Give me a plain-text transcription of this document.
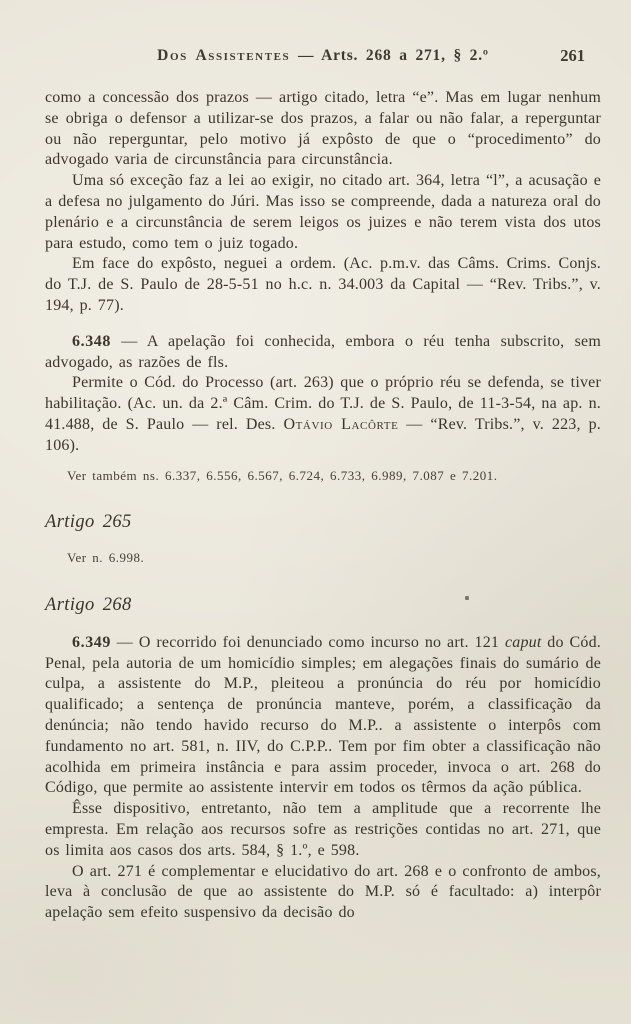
Dos Assistentes — Arts. 268 a 271, § 2.º	261

como a concessão dos prazos — artigo citado, letra “e”. Mas em lugar nenhum se obriga o defensor a utilizar-se dos prazos, a falar ou não falar, a reperguntar ou não reperguntar, pelo motivo já expôsto de que o “procedimento” do advogado varia de circunstância para circunstância.

Uma só exceção faz a lei ao exigir, no citado art. 364, letra “l”, a acusação e a defesa no julgamento do Júri. Mas isso se compreende, dada a natureza oral do plenário e a circunstância de serem leigos os juizes e não terem vista dos utos para estudo, como tem o juiz togado.

Em face do expôsto, neguei a ordem. (Ac. p.m.v. das Câms. Crims. Conjs. do T.J. de S. Paulo de 28-5-51 no h.c. n. 34.003 da Capital — “Rev. Tribs.”, v. 194, p. 77).

6.348 — A apelação foi conhecida, embora o réu tenha subscrito, sem advogado, as razões de fls.

Permite o Cód. do Processo (art. 263) que o próprio réu se defenda, se tiver habilitação. (Ac. un. da 2.ª Câm. Crim. do T.J. de S. Paulo, de 11-3-54, na ap. n. 41.488, de S. Paulo — rel. Des. Otávio Lacôrte — “Rev. Tribs.”, v. 223, p. 106).

Ver também ns. 6.337, 6.556, 6.567, 6.724, 6.733, 6.989, 7.087 e 7.201.

Artigo 265

Ver n. 6.998.

Artigo 268

6.349 — O recorrido foi denunciado como incurso no art. 121 caput do Cód. Penal, pela autoria de um homicídio simples; em alegações finais do sumário de culpa, a assistente do M.P., pleiteou a pronúncia do réu por homicídio qualificado; a sentença de pronúncia manteve, porém, a classificação da denúncia; não tendo havido recurso do M.P.. a assistente o interpôs com fundamento no art. 581, n. IIV, do C.P.P.. Tem por fim obter a classificação não acolhida em primeira instância e para assim proceder, invoca o art. 268 do Código, que permite ao assistente intervir em todos os têrmos da ação pública.

Êsse dispositivo, entretanto, não tem a amplitude que a recorrente lhe empresta. Em relação aos recursos sofre as restrições contidas no art. 271, que os limita aos casos dos arts. 584, § 1.º, e 598.

O art. 271 é complementar e elucidativo do art. 268 e o confronto de ambos, leva à conclusão de que ao assistente do M.P. só é facultado: a) interpôr apelação sem efeito suspensivo da decisão do
